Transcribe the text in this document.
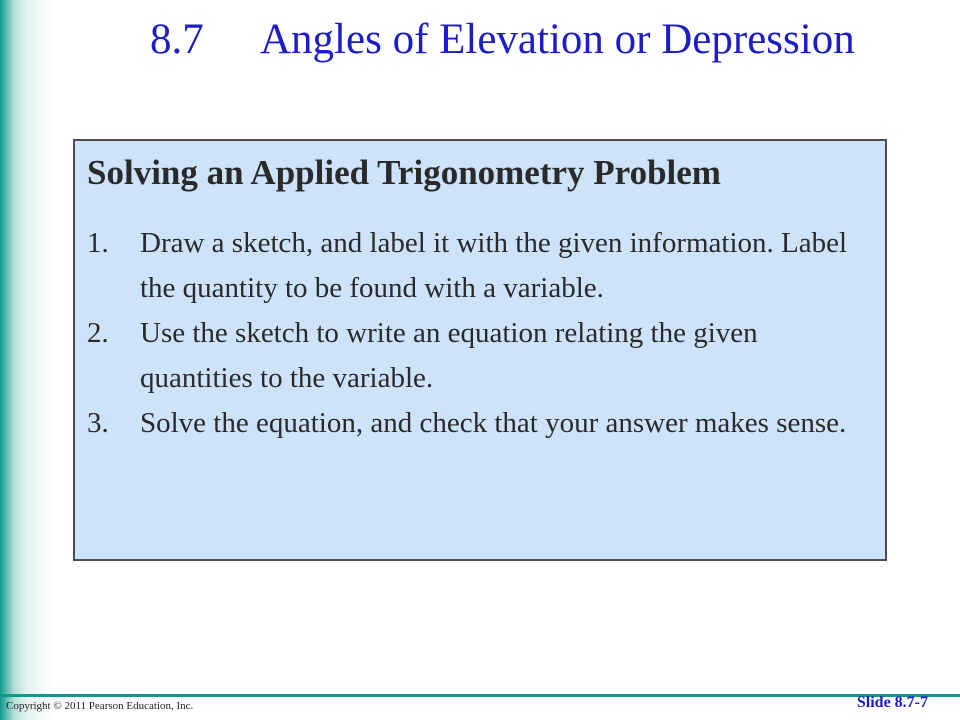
8.7 Angles of Elevation or Depression
Solving an Applied Trigonometry Problem
1. Draw a sketch, and label it with the given information. Label the quantity to be found with a variable.
2. Use the sketch to write an equation relating the given quantities to the variable.
3. Solve the equation, and check that your answer makes sense.
Copyright © 2011 Pearson Education, Inc.	Slide 8.7-7
